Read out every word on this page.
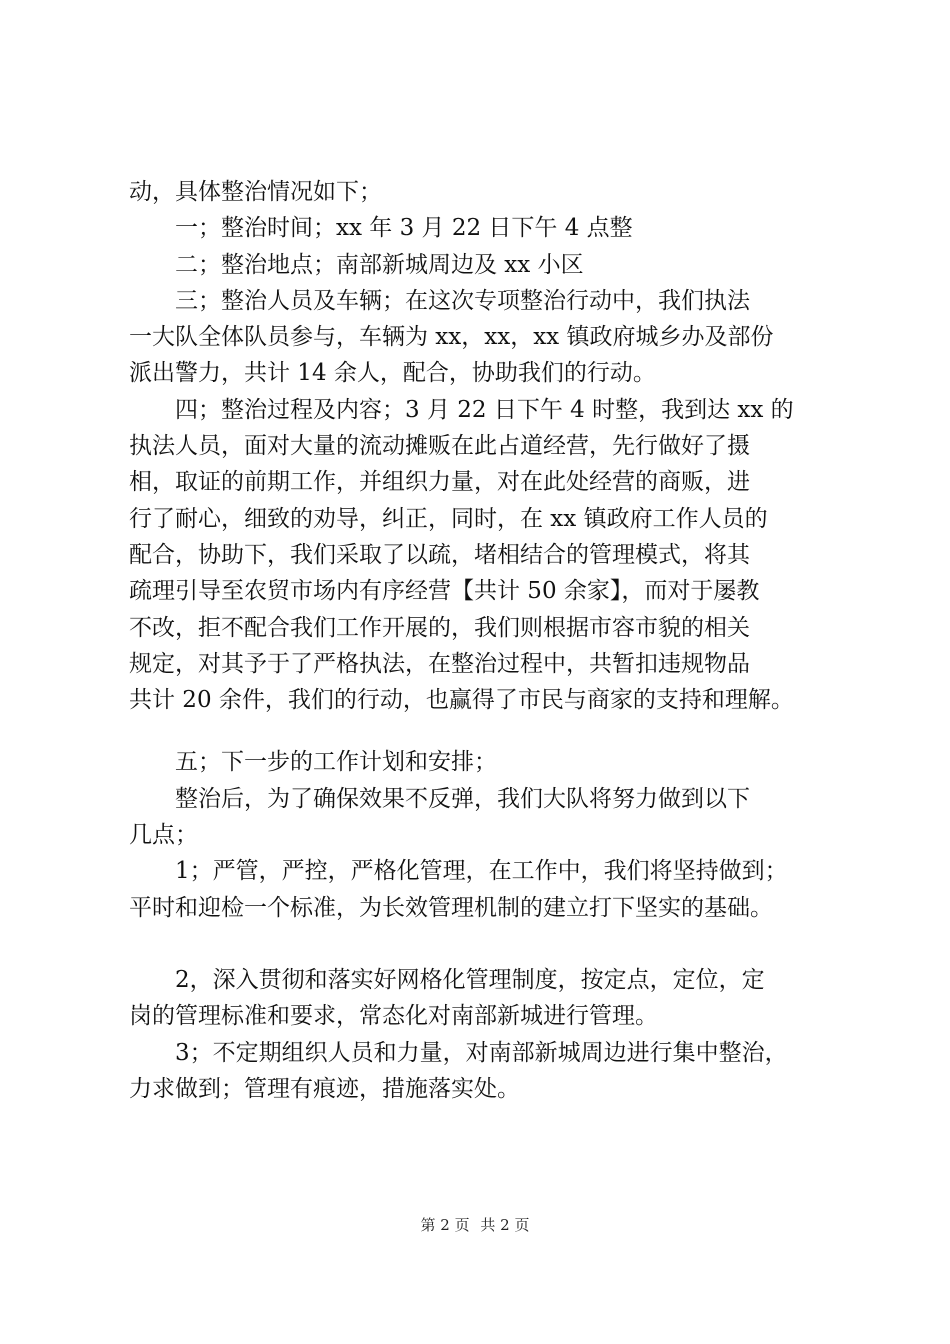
动，具体整治情况如下；
一；整治时间；xx 年 3 月 22 日下午 4 点整
二；整治地点；南部新城周边及 xx 小区
三；整治人员及车辆；在这次专项整治行动中，我们执法
一大队全体队员参与，车辆为 xx，xx，xx 镇政府城乡办及部份
派出警力，共计 14 余人，配合，协助我们的行动。
四；整治过程及内容；3 月 22 日下午 4 时整，我到达 xx 的
执法人员，面对大量的流动摊贩在此占道经营，先行做好了摄
相，取证的前期工作，并组织力量，对在此处经营的商贩，进
行了耐心，细致的劝导，纠正，同时，在 xx 镇政府工作人员的
配合，协助下，我们采取了以疏，堵相结合的管理模式，将其
疏理引导至农贸市场内有序经营【共计 50 余家】，而对于屡教
不改，拒不配合我们工作开展的，我们则根据市容市貌的相关
规定，对其予于了严格执法，在整治过程中，共暂扣违规物品
共计 20 余件，我们的行动，也赢得了市民与商家的支持和理解。
五；下一步的工作计划和安排；
整治后，为了确保效果不反弹，我们大队将努力做到以下
几点；
1；严管，严控，严格化管理，在工作中，我们将坚持做到；
平时和迎检一个标准，为长效管理机制的建立打下坚实的基础。
2，深入贯彻和落实好网格化管理制度，按定点，定位，定
岗的管理标准和要求，常态化对南部新城进行管理。
3；不定期组织人员和力量，对南部新城周边进行集中整治，
力求做到；管理有痕迹，措施落实处。
第 2 页 共 2 页
